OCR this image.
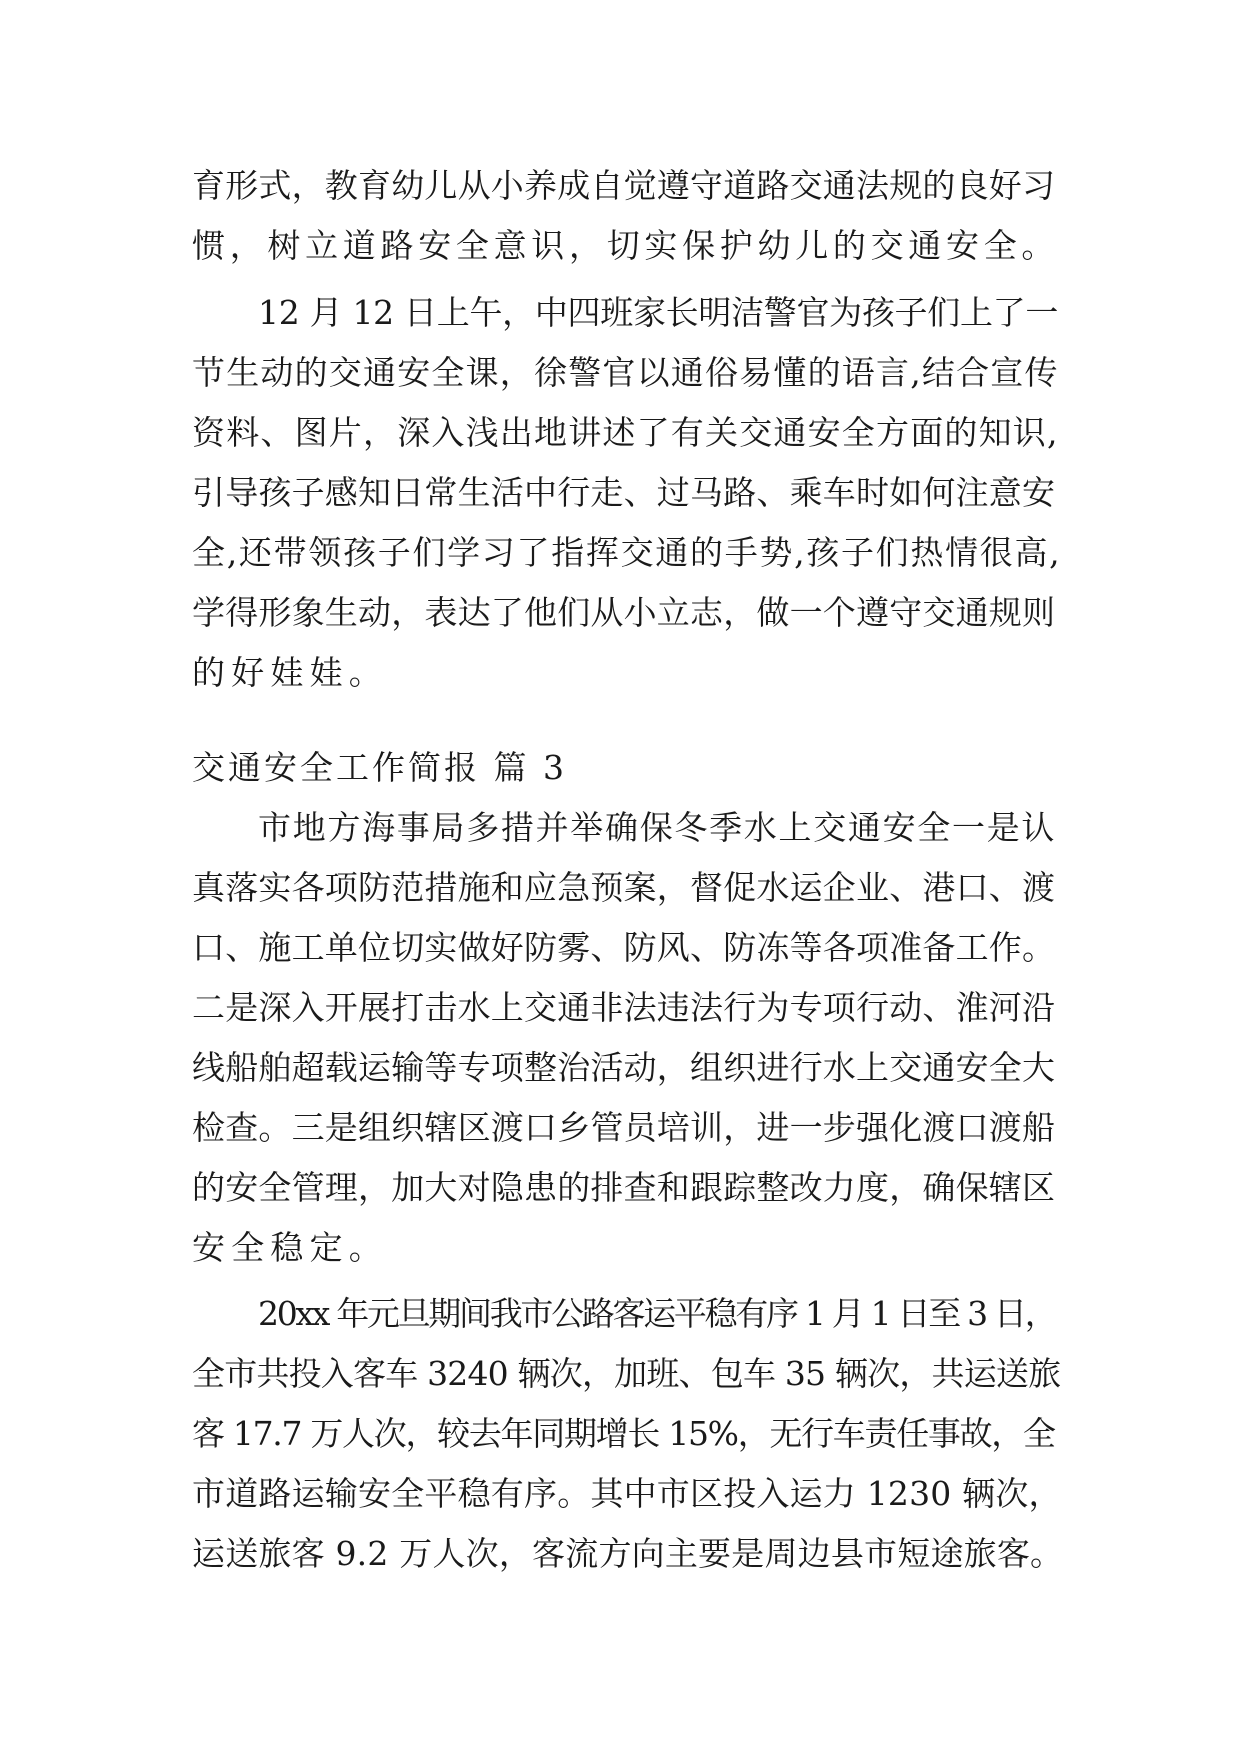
育形式，教育幼儿从小养成自觉遵守道路交通法规的良好习
惯，树立道路安全意识，切实保护幼儿的交通安全。
12 月 12 日上午，中四班家长明洁警官为孩子们上了一
节生动的交通安全课，徐警官以通俗易懂的语言,结合宣传
资料、图片，深入浅出地讲述了有关交通安全方面的知识,
引导孩子感知日常生活中行走、过马路、乘车时如何注意安
全,还带领孩子们学习了指挥交通的手势,孩子们热情很高,
学得形象生动，表达了他们从小立志，做一个遵守交通规则
的好娃娃。
交通安全工作简报 篇 3
市地方海事局多措并举确保冬季水上交通安全一是认
真落实各项防范措施和应急预案，督促水运企业、港口、渡
口、施工单位切实做好防雾、防风、防冻等各项准备工作。
二是深入开展打击水上交通非法违法行为专项行动、淮河沿
线船舶超载运输等专项整治活动，组织进行水上交通安全大
检查。三是组织辖区渡口乡管员培训，进一步强化渡口渡船
的安全管理，加大对隐患的排查和跟踪整改力度，确保辖区
安全稳定。
20xx 年元旦期间我市公路客运平稳有序 1 月 1 日至 3 日，
全市共投入客车 3240 辆次，加班、包车 35 辆次，共运送旅
客 17.7 万人次，较去年同期增长 15%，无行车责任事故，全
市道路运输安全平稳有序。其中市区投入运力 1230 辆次，
运送旅客 9.2 万人次，客流方向主要是周边县市短途旅客。
